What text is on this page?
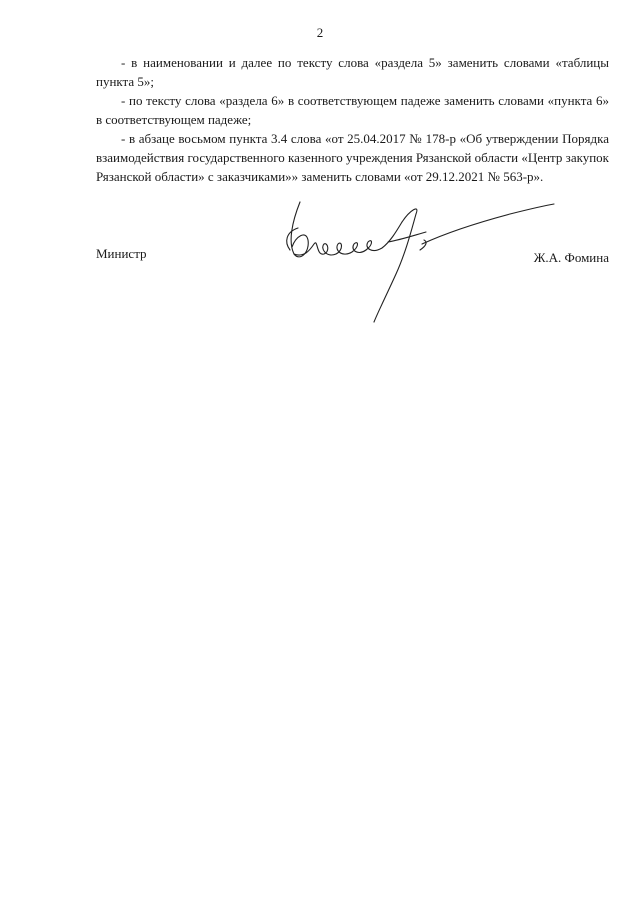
2

- в наименовании и далее по тексту слова «раздела 5» заменить словами «таблицы пункта 5»;

- по тексту слова «раздела 6» в соответствующем падеже заменить словами «пункта 6» в соответствующем падеже;

- в абзаце восьмом пункта 3.4 слова «от 25.04.2017 № 178-р «Об утверждении Порядка взаимодействия государственного казенного учреждения Рязанской области «Центр закупок Рязанской области» с заказчиками»» заменить словами «от 29.12.2021 № 563-р».

Министр	Ж.А. Фомина
